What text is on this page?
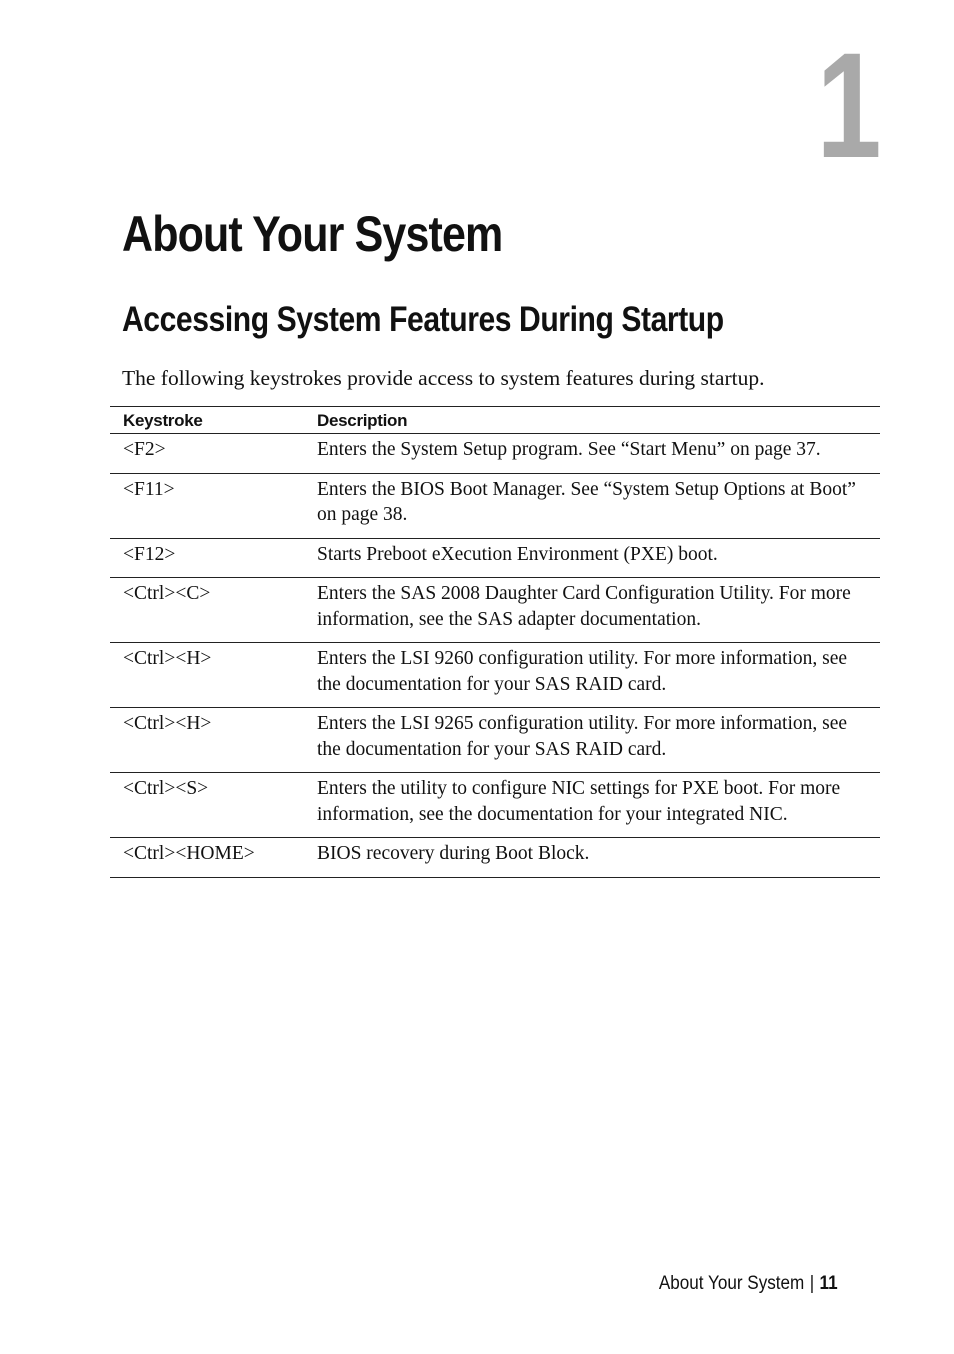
1
About Your System
Accessing System Features During Startup

The following keystrokes provide access to system features during startup.

Keystroke	Description
<F2>	Enters the System Setup program. See “Start Menu” on page 37.
<F11>	Enters the BIOS Boot Manager. See “System Setup Options at Boot” on page 38.
<F12>	Starts Preboot eXecution Environment (PXE) boot.
<Ctrl><C>	Enters the SAS 2008 Daughter Card Configuration Utility. For more information, see the SAS adapter documentation.
<Ctrl><H>	Enters the LSI 9260 configuration utility. For more information, see the documentation for your SAS RAID card.
<Ctrl><H>	Enters the LSI 9265 configuration utility. For more information, see the documentation for your SAS RAID card.
<Ctrl><S>	Enters the utility to configure NIC settings for PXE boot. For more information, see the documentation for your integrated NIC.
<Ctrl><HOME>	BIOS recovery during Boot Block.
About Your System | 11
